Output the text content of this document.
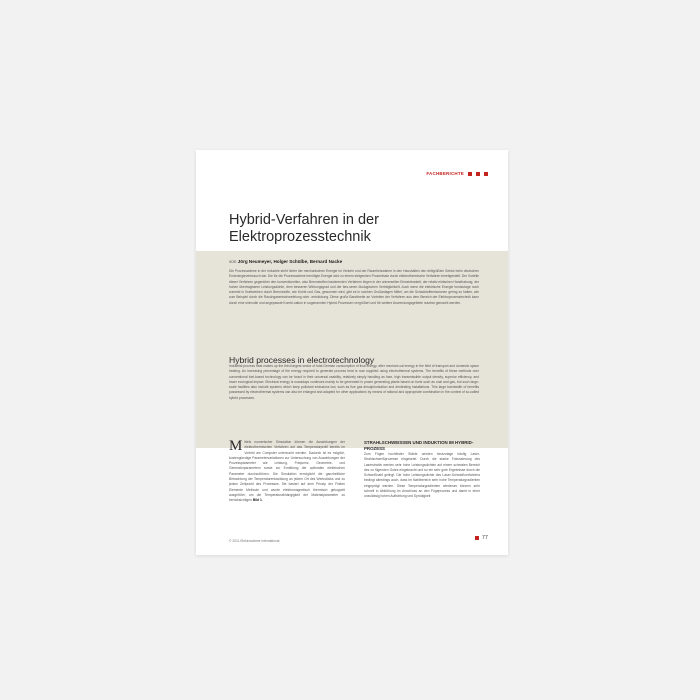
FACHBERICHTE
Hybrid-Verfahren in der
Elektroprozesstechnik
von Jörg Neumeyer, Holger Schülbe, Bernard Nacke

Die Prozesswärme in der Industrie steht hinter der mechanischen Energie im Verkehr und der Raumheizwärme in den Haushalten den drittgrößten Sektor beim deutschen Endenergieverbrauch dar. Die für die Prozesswärme benötigte Energie wird zu einem steigenden Prozentsatz durch elektrothermische Verfahren bereitgestellt. Der Vorteile dieser Verfahren gegenüber den konventionellen, also Brennstoffen basierenden Verfahren liegen in der universellen Einsetzbarkeit, der relativ einfachen Handhabung, der hohen übertragbaren Leistungsdichte, dem besseren Wirkungsgrad und der bes-seren ökologischen Verträglichkeit. Auch wenn die elektrische Energie heutzutage noch zumeist in Kraftwerken durch Brennstoffe, wie Kohle und Gas, gewonnen wird, gibt es in solchen Großanlagen Mittel, um die Schadstoffemissionen gering zu halten, wie zum Beispiel durch die Rauchgasentschwefelung oder -entstickung. Diese große Bandbreite an Vorteilen der Verfahren aus dem Bereich der Elektroprozesstechnik kann durch eine sinnvolle und angepasste Kombi-nation in sogenannten Hybrid-Prozessen vergrößert und für weitere Anwendungsgebiete nutzbar gemacht werden.

Hybrid processes in electrotechnology

Industrial process heat makes up the third largest sector of total German consumption of final energy, after mechani-cal energy in the field of transport and domestic space heating. An increasing percentage of the energy required to generate process heat is now supplied using electrothermal systems. The benefits of these methods over conventional fuel-based technology can be found in their universal usability, relatively simply handling as fuse, high transmissible output density, superior efficiency, and lower ecological impact. Electrical energy is nowadays continues mainly to be generated in power generating plants based on fuels such as coal and gas, but such large-scale facilities also include systems which keep pollutant emissions low, such as flue gas desulphurisation and denitrating installations. This large bandwidth of benefits possessed by electrothermal systems can also be enlarged and adapted for other applications by means of rational and appropriate combination in the context of so-called hybrid processes.

Mittels numerischer Simulation können die Auswirkungen der elektrothermischen Verfahren auf das Temperaturprofil bereits im Vorfeld am Computer untersucht werden. Dadurch ist es möglich, kostengünstige Parametervariationen zur Untersuchung von Auswirkungen der Prozessparameter wie Leistung, Frequenz, Geometrie- und Generatorparametern sowie zur Ermittlung der optimalen elektrischen Parameter durchzuführen. Die Simulation ermöglicht die ganzheitliche Betrachtung der Temperaturentwicklung an jedem Ort des Werkstücks und zu jedem Zeitpunkt des Prozesses. Sie basiert auf dem Prinzip der Finiten Elemente Methode und wurde elektromagnetisch thermisch gekoppelt ausgeführt, um die Temperaturabhängigkeit der Materialparameter zu berücksichtigen Bild 1.
STRAHLSCHWEISSEN UND INDUKTION IM HYBRID-PROZESS

Zum Fügen hochfester Stähle werden heutzutage häufig Laser-Strahlschweißprozesse eingesetzt. Durch die starke Fokussierung des Laserstrahls werden sehr hohe Leistungsdichten auf einem schmalen Bereich des zu fügenden Gutes eingebracht und so ein sehr gute Ergebnisse durch die Schweißnaht gelingt. Die hohe Leistungsdichte des Laser-Schweißverfahrens bedingt allerdings auch, dass im Nahtbereich sehr hohe Temperaturgradienten eingeprägt werden. Diese Temperaturgradienten wiederum können sehr schnell in Abkühlung im Anschluss an den Fügeprozess und damit in einer unzulässig hohen Aufhärtung und Sprödigkeit

© 2011 Elektrowärme international	77
